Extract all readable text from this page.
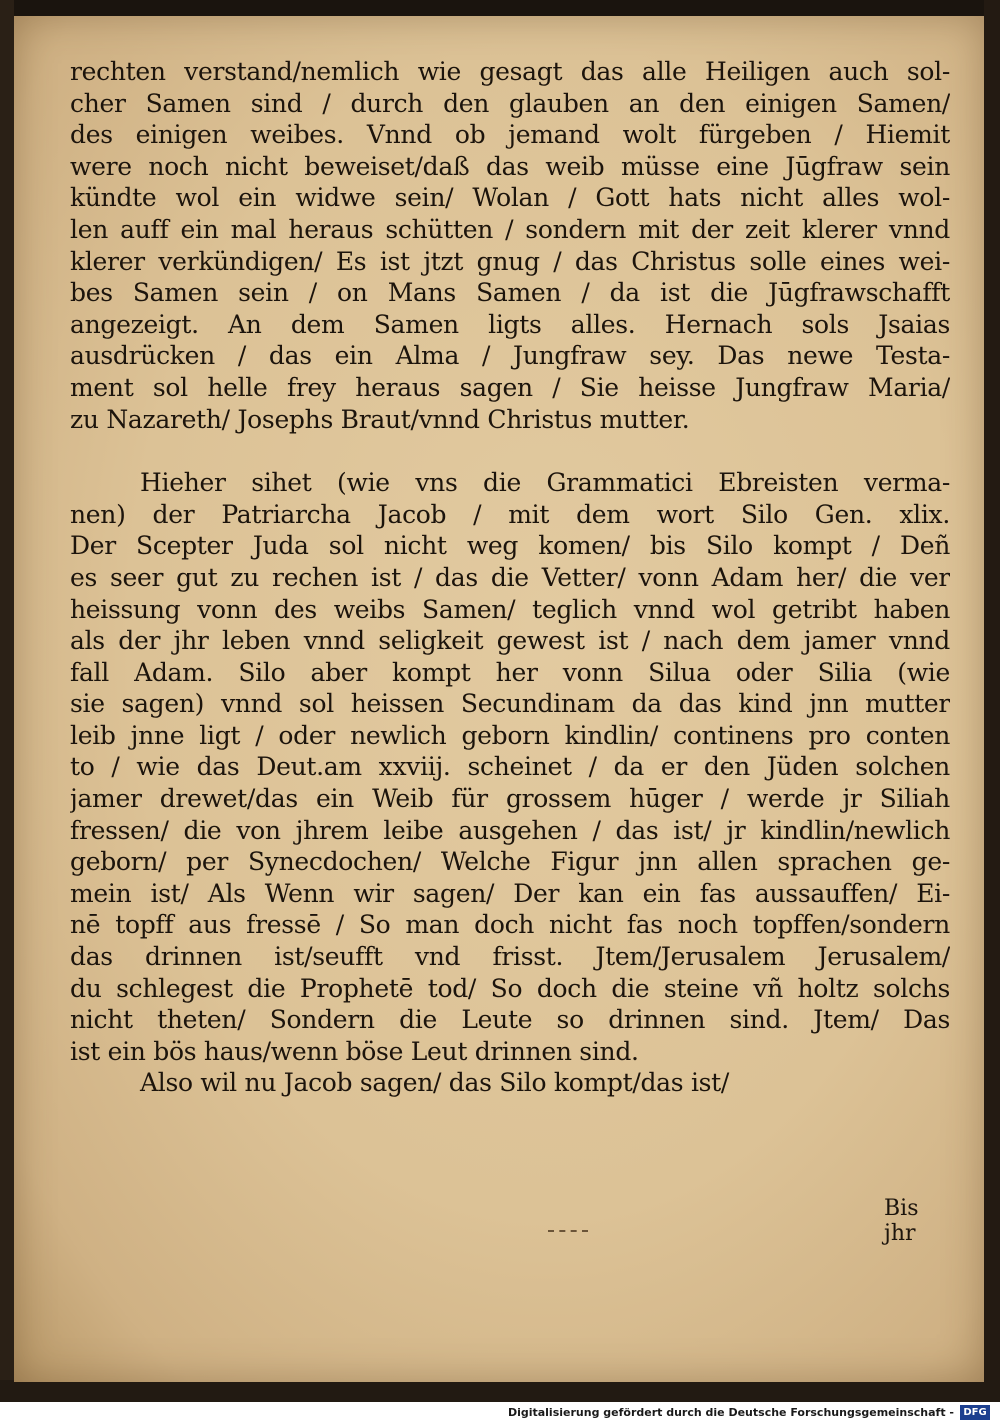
rechten verstand/nemlich wie gesagt das alle Heiligen auch sol-
cher Samen sind / durch den glauben an den einigen Samen/
des einigen weibes. Vnnd ob jemand wolt fürgeben / Hiemit
were noch nicht beweiset/daß das weib müsse eine Jūgfraw sein
kündte wol ein widwe sein/ Wolan / Gott hats nicht alles wol-
len auff ein mal heraus schütten / sondern mit der zeit klerer vnnd
klerer verkündigen/ Es ist jtzt gnug / das Christus solle eines wei-
bes Samen sein / on Mans Samen / da ist die Jūgfrawschafft
angezeigt. An dem Samen ligts alles. Hernach sols Jsaias
ausdrücken / das ein Alma / Jungfraw sey. Das newe Testa-
ment sol helle frey heraus sagen / Sie heisse Jungfraw Maria/
zu Nazareth/ Josephs Braut/vnnd Christus mutter.
Hieher sihet (wie vns die Grammatici Ebreisten verma-
nen) der Patriarcha Jacob / mit dem wort Silo Gen. xlix.
Der Scepter Juda sol nicht weg komen/ bis Silo kompt / Deñ
es seer gut zu rechen ist / das die Vetter/ vonn Adam her/ die ver
heissung vonn des weibs Samen/ teglich vnnd wol getribt haben
als der jhr leben vnnd seligkeit gewest ist / nach dem jamer vnnd
fall Adam. Silo aber kompt her vonn Silua oder Silia (wie
sie sagen) vnnd sol heissen Secundinam da das kind jnn mutter
leib jnne ligt / oder newlich geborn kindlin/ continens pro conten
to / wie das Deut.am xxviij. scheinet / da er den Jüden solchen
jamer drewet/das ein Weib für grossem hūger / werde jr Siliah
fressen/ die von jhrem leibe ausgehen / das ist/ jr kindlin/newlich
geborn/ per Synecdochen/ Welche Figur jnn allen sprachen ge-
mein ist/ Als Wenn wir sagen/ Der kan ein fas aussauffen/ Ei-
nē topff aus fressē / So man doch nicht fas noch topffen/sondern
das drinnen ist/seufft vnd frisst. Jtem/Jerusalem Jerusalem/
du schlegest die Prophetē tod/ So doch die steine vñ holtz solchs
nicht theten/ Sondern die Leute so drinnen sind. Jtem/ Das
ist ein bös haus/wenn böse Leut drinnen sind.
Also wil nu Jacob sagen/ das Silo kompt/das ist/
Bis
jhr
Digitalisierung gefördert durch die Deutsche Forschungsgemeinschaft - DFG
